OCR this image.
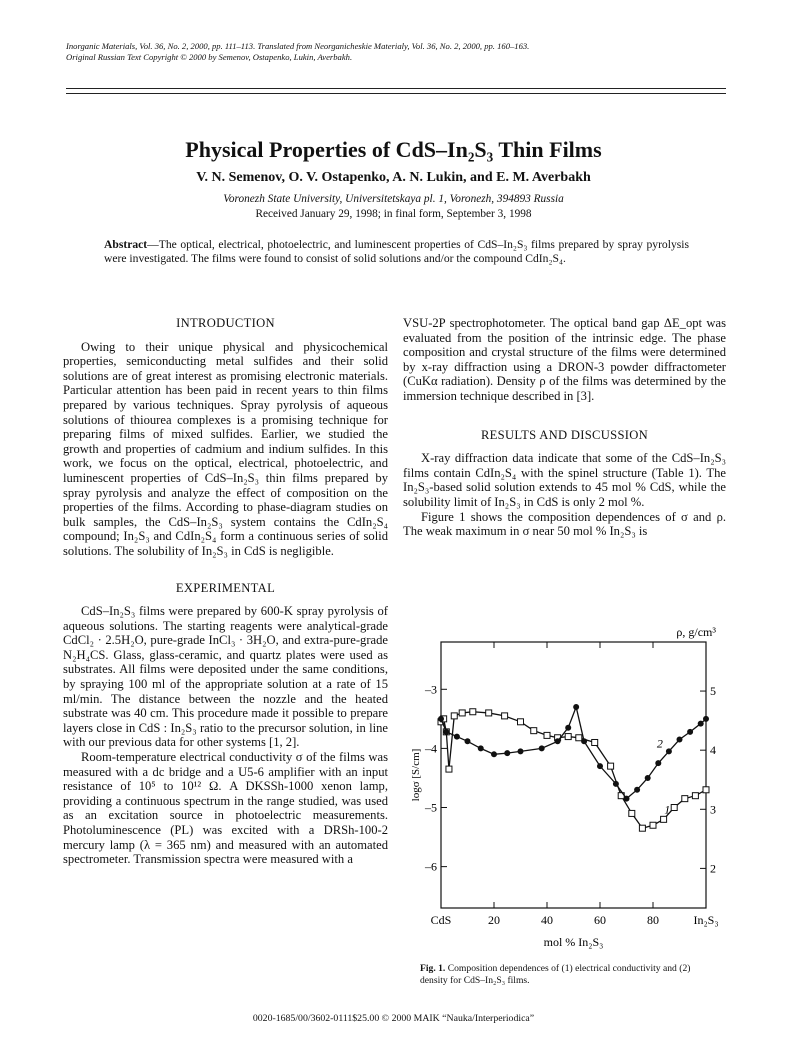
Inorganic Materials, Vol. 36, No. 2, 2000, pp. 111–113. Translated from Neorganicheskie Materialy, Vol. 36, No. 2, 2000, pp. 160–163.
Original Russian Text Copyright © 2000 by Semenov, Ostapenko, Lukin, Averbakh.
Physical Properties of CdS–In₂S₃ Thin Films
V. N. Semenov, O. V. Ostapenko, A. N. Lukin, and E. M. Averbakh
Voronezh State University, Universitetskaya pl. 1, Voronezh, 394893 Russia
Received January 29, 1998; in final form, September 3, 1998
Abstract—The optical, electrical, photoelectric, and luminescent properties of CdS–In₂S₃ films prepared by spray pyrolysis were investigated. The films were found to consist of solid solutions and/or the compound CdIn₂S₄.
INTRODUCTION

Owing to their unique physical and physicochemical properties, semiconducting metal sulfides and their solid solutions are of great interest as promising electronic materials. Particular attention has been paid in recent years to thin films prepared by various techniques. Spray pyrolysis of aqueous solutions of thiourea complexes is a promising technique for preparing films of mixed sulfides. Earlier, we studied the growth and properties of cadmium and indium sulfides. In this work, we focus on the optical, electrical, photoelectric, and luminescent properties of CdS–In₂S₃ thin films prepared by spray pyrolysis and analyze the effect of composition on the properties of the films. According to phase-diagram studies on bulk samples, the CdS–In₂S₃ system contains the CdIn₂S₄ compound; In₂S₃ and CdIn₂S₄ form a continuous series of solid solutions. The solubility of In₂S₃ in CdS is negligible.

EXPERIMENTAL

CdS–In₂S₃ films were prepared by 600-K spray pyrolysis of aqueous solutions. The starting reagents were analytical-grade CdCl₂ · 2.5H₂O, pure-grade InCl₃ · 3H₂O, and extra-pure-grade N₂H₄CS. Glass, glass-ceramic, and quartz plates were used as substrates. All films were deposited under the same conditions, by spraying 100 ml of the appropriate solution at a rate of 15 ml/min. The distance between the nozzle and the heated substrate was 40 cm. This procedure made it possible to prepare layers close in CdS : In₂S₃ ratio to the precursor solution, in line with our previous data for other systems [1, 2].

Room-temperature electrical conductivity σ of the films was measured with a dc bridge and a U5-6 amplifier with an input resistance of 10⁵ to 10¹² Ω. A DKSSh-1000 xenon lamp, providing a continuous spectrum in the range studied, was used as an excitation source in photoelectric measurements. Photoluminescence (PL) was excited with a DRSh-100-2 mercury lamp (λ = 365 nm) and measured with an automated spectrometer. Transmission spectra were measured with a

VSU-2P spectrophotometer. The optical band gap ΔE_opt was evaluated from the position of the intrinsic edge. The phase composition and crystal structure of the films were determined by x-ray diffraction using a DRON-3 powder diffractometer (CuKα radiation). Density ρ of the films was determined by the immersion technique described in [3].

RESULTS AND DISCUSSION

X-ray diffraction data indicate that some of the CdS–In₂S₃ films contain CdIn₂S₄ with the spinel structure (Table 1). The In₂S₃-based solid solution extends to 45 mol % CdS, while the solubility limit of In₂S₃ in CdS is only 2 mol %.

Figure 1 shows the composition dependences of σ and ρ. The weak maximum in σ near 50 mol % In₂S₃ is

CdS	20	40	60	80	In₂S₃
–3
–4
–5
–6
5
4
3
2
mol % In₂S₃
logσ [S/cm]
ρ, g/cm³
1
2
Fig. 1. Composition dependences of (1) electrical conductivity and (2) density for CdS–In₂S₃ films.
0020-1685/00/3602-0111$25.00 © 2000 MAIK “Nauka/Interperiodica”
